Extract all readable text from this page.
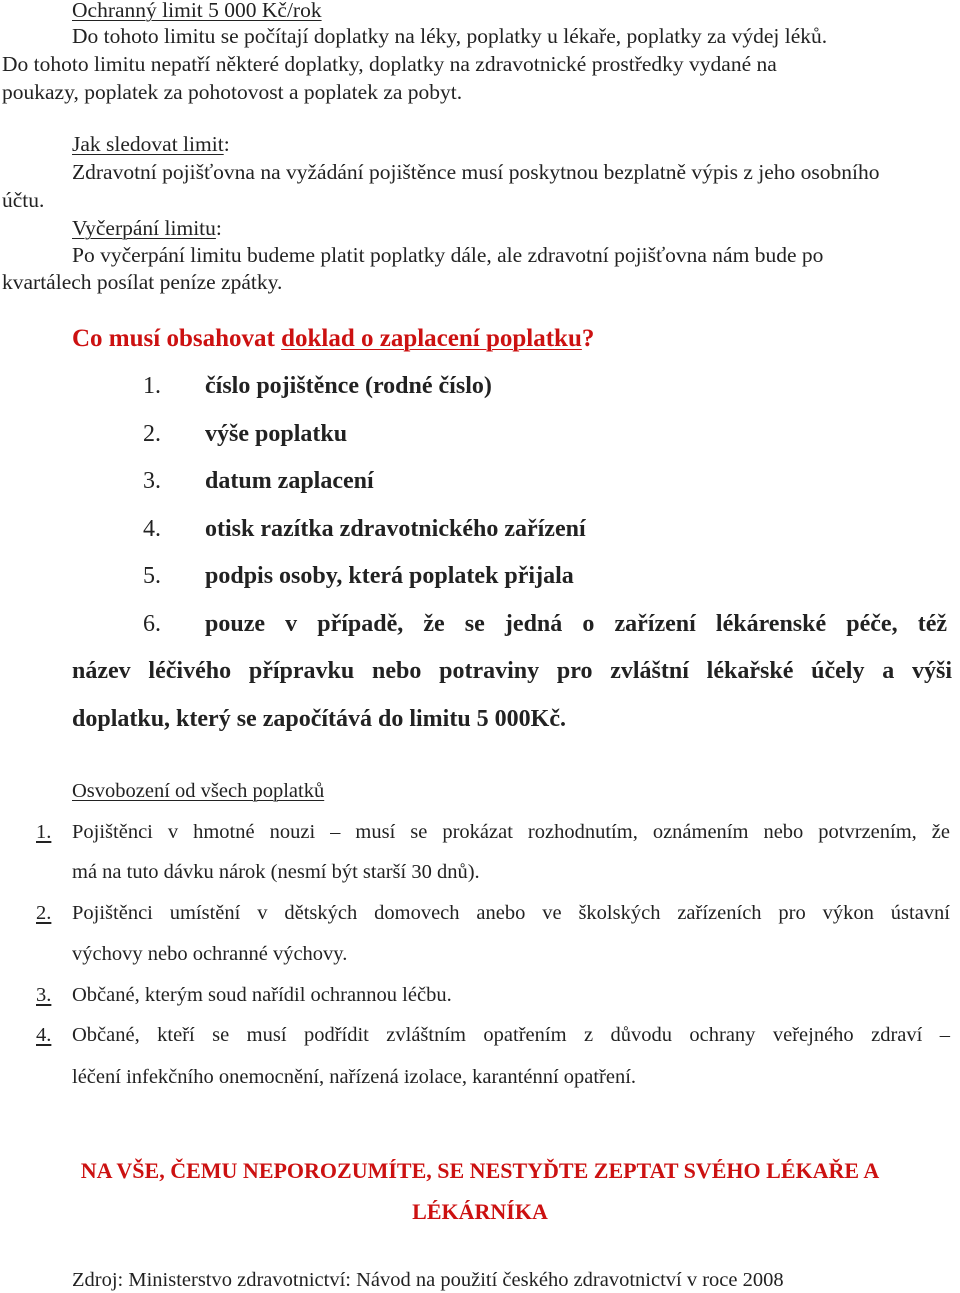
Ochranný limit 5 000 Kč/rok
Do tohoto limitu se počítají doplatky na léky, poplatky u lékaře, poplatky za výdej léků.
Do tohoto limitu nepatří některé doplatky, doplatky na zdravotnické prostředky vydané na
poukazy, poplatek za pohotovost a poplatek za pobyt.
Jak sledovat limit:
Zdravotní pojišťovna na vyžádání pojištěnce musí poskytnou bezplatně výpis z jeho osobního
účtu.
Vyčerpání limitu:
Po vyčerpání limitu budeme platit poplatky dále, ale zdravotní pojišťovna nám bude po
kvartálech posílat peníze zpátky.
Co musí obsahovat doklad o zaplacení poplatku?
1. číslo pojištěnce (rodné číslo)
2. výše poplatku
3. datum zaplacení
4. otisk razítka zdravotnického zařízení
5. podpis osoby, která poplatek přijala
6. pouze v případě, že se jedná o zařízení lékárenské péče, též
název léčivého přípravku nebo potraviny pro zvláštní lékařské účely a výši
doplatku, který se započítává do limitu 5 000Kč.
Osvobození od všech poplatků
1. Pojištěnci v hmotné nouzi – musí se prokázat rozhodnutím, oznámením nebo potvrzením, že
má na tuto dávku nárok (nesmí být starší 30 dnů).
2. Pojištěnci umístění v dětských domovech anebo ve školských zařízeních pro výkon ústavní
výchovy nebo ochranné výchovy.
3. Občané, kterým soud nařídil ochrannou léčbu.
4. Občané, kteří se musí podřídit zvláštním opatřením z důvodu ochrany veřejného zdraví –
léčení infekčního onemocnění, nařízená izolace, karanténní opatření.
NA VŠE, ČEMU NEPOROZUMÍTE, SE NESTYĎTE ZEPTAT SVÉHO LÉKAŘE A
LÉKÁRNÍKA
Zdroj: Ministerstvo zdravotnictví: Návod na použití českého zdravotnictví v roce 2008
